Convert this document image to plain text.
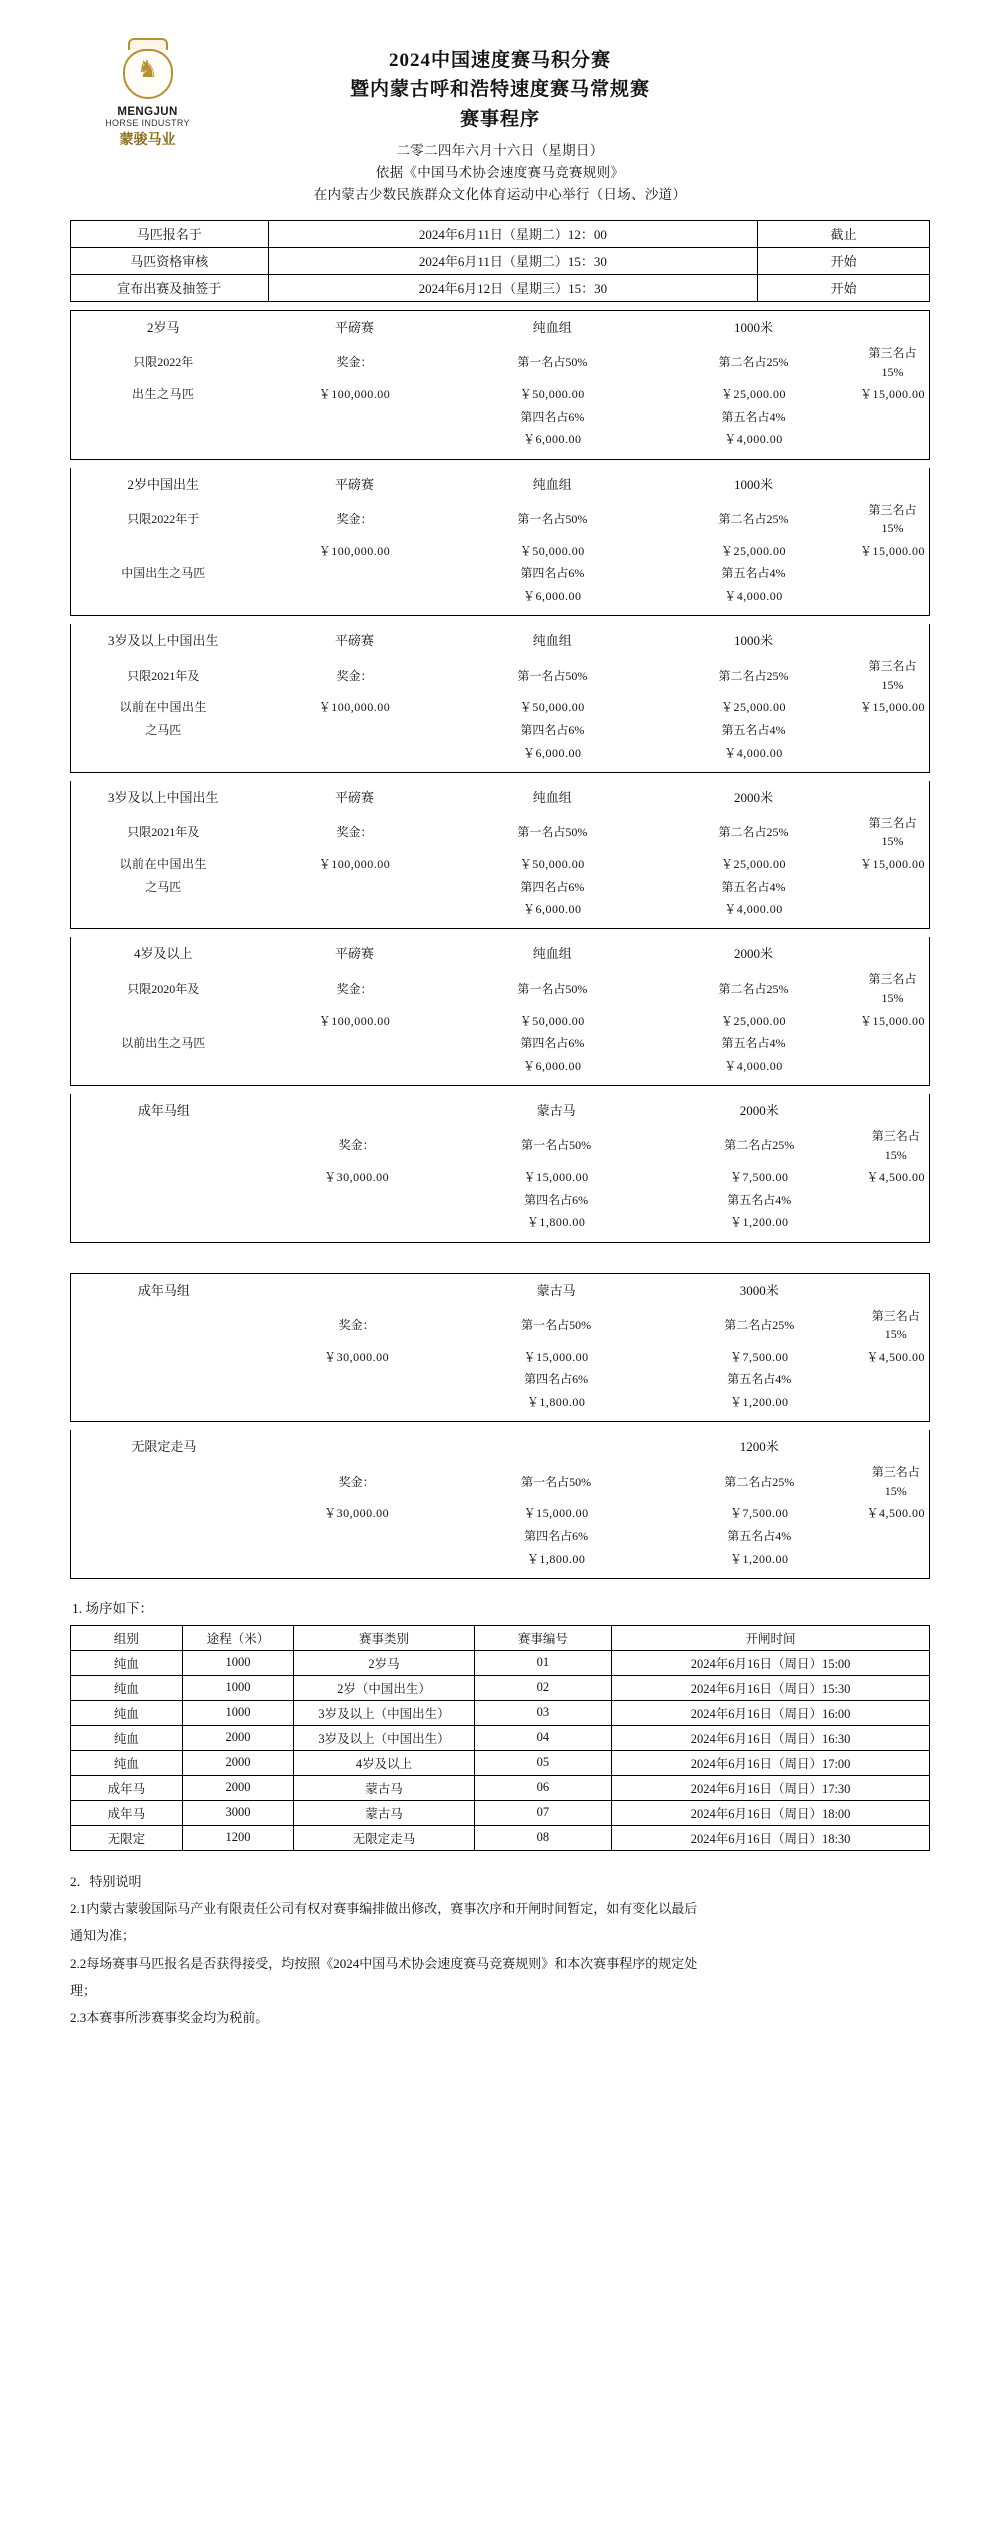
♞
MENGJUN
HORSE INDUSTRY
蒙骏马业
2024中国速度赛马积分赛
暨内蒙古呼和浩特速度赛马常规赛
赛事程序
二零二四年六月十六日（星期日）
依据《中国马术协会速度赛马竞赛规则》
在内蒙古少数民族群众文化体育运动中心举行（日场、沙道）
马匹报名于	2024年6月11日（星期二）12：00	截止
马匹资格审核	2024年6月11日（星期二）15：30	开始
宣布出赛及抽签于	2024年6月12日（星期三）15：30	开始
2岁马	平磅赛	纯血组	1000米	
只限2022年	奖金：	第一名占50%	第二名占25%	第三名占15%
出生之马匹	￥100,000.00	￥50,000.00	￥25,000.00	￥15,000.00
		第四名占6%	第五名占4%	
		￥6,000.00	￥4,000.00	

2岁中国出生	平磅赛	纯血组	1000米	
只限2022年于	奖金：	第一名占50%	第二名占25%	第三名占15%
	￥100,000.00	￥50,000.00	￥25,000.00	￥15,000.00
中国出生之马匹		第四名占6%	第五名占4%	
		￥6,000.00	￥4,000.00	

3岁及以上中国出生	平磅赛	纯血组	1000米	
只限2021年及	奖金：	第一名占50%	第二名占25%	第三名占15%
以前在中国出生	￥100,000.00	￥50,000.00	￥25,000.00	￥15,000.00
之马匹		第四名占6%	第五名占4%	
		￥6,000.00	￥4,000.00	

3岁及以上中国出生	平磅赛	纯血组	2000米	
只限2021年及	奖金：	第一名占50%	第二名占25%	第三名占15%
以前在中国出生	￥100,000.00	￥50,000.00	￥25,000.00	￥15,000.00
之马匹		第四名占6%	第五名占4%	
		￥6,000.00	￥4,000.00	

4岁及以上	平磅赛	纯血组	2000米	
只限2020年及	奖金：	第一名占50%	第二名占25%	第三名占15%
	￥100,000.00	￥50,000.00	￥25,000.00	￥15,000.00
以前出生之马匹		第四名占6%	第五名占4%	
		￥6,000.00	￥4,000.00	

成年马组		蒙古马	2000米	
	奖金：	第一名占50%	第二名占25%	第三名占15%
	￥30,000.00	￥15,000.00	￥7,500.00	￥4,500.00
		第四名占6%	第五名占4%	
		￥1,800.00	￥1,200.00	

成年马组		蒙古马	3000米	
	奖金：	第一名占50%	第二名占25%	第三名占15%
	￥30,000.00	￥15,000.00	￥7,500.00	￥4,500.00
		第四名占6%	第五名占4%	
		￥1,800.00	￥1,200.00	

无限定走马			1200米	
	奖金：	第一名占50%	第二名占25%	第三名占15%
	￥30,000.00	￥15,000.00	￥7,500.00	￥4,500.00
		第四名占6%	第五名占4%	
		￥1,800.00	￥1,200.00	

1. 场序如下：
组别	途程（米）	赛事类别	赛事编号	开闸时间
纯血	1000	2岁马	01	2024年6月16日（周日）15:00
纯血	1000	2岁（中国出生）	02	2024年6月16日（周日）15:30
纯血	1000	3岁及以上（中国出生）	03	2024年6月16日（周日）16:00
纯血	2000	3岁及以上（中国出生）	04	2024年6月16日（周日）16:30
纯血	2000	4岁及以上	05	2024年6月16日（周日）17:00
成年马	2000	蒙古马	06	2024年6月16日（周日）17:30
成年马	3000	蒙古马	07	2024年6月16日（周日）18:00
无限定	1200	无限定走马	08	2024年6月16日（周日）18:30

2．特别说明

2.1内蒙古蒙骏国际马产业有限责任公司有权对赛事编排做出修改，赛事次序和开闸时间暂定，如有变化以最后

通知为准；

2.2每场赛事马匹报名是否获得接受，均按照《2024中国马术协会速度赛马竞赛规则》和本次赛事程序的规定处

理；

2.3本赛事所涉赛事奖金均为税前。
